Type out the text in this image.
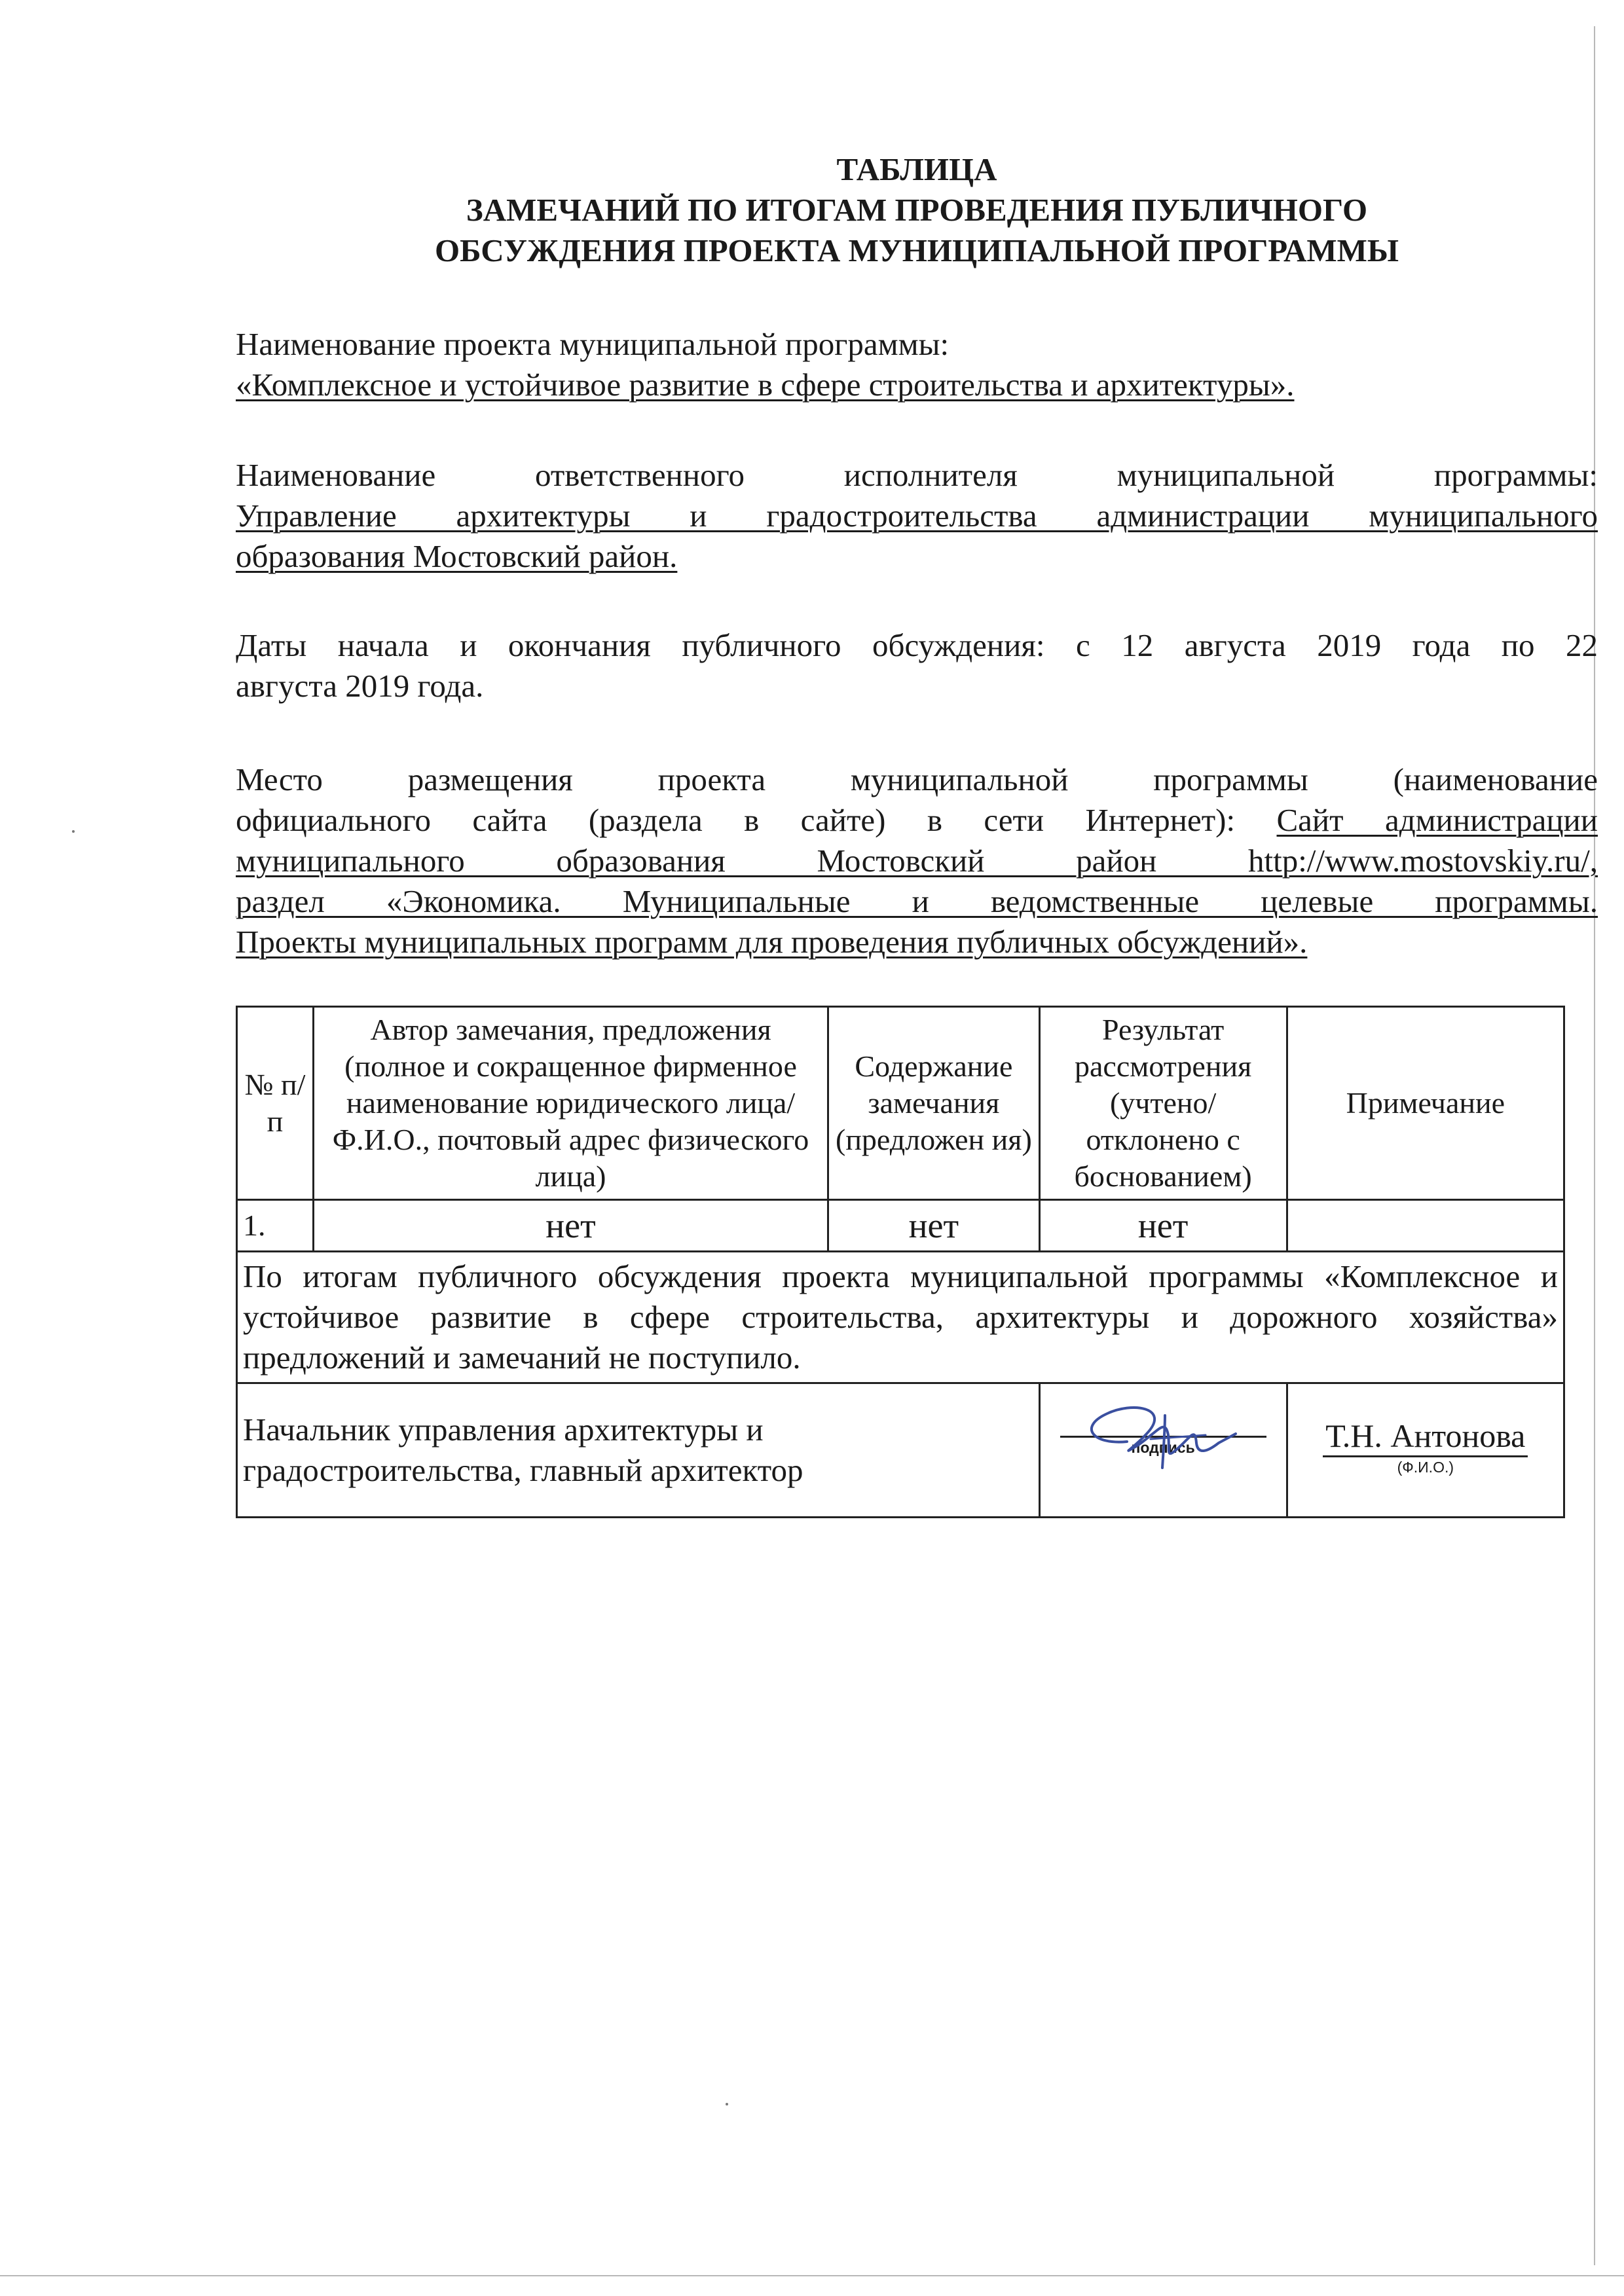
ТАБЛИЦА
ЗАМЕЧАНИЙ ПО ИТОГАМ ПРОВЕДЕНИЯ ПУБЛИЧНОГО
ОБСУЖДЕНИЯ ПРОЕКТА МУНИЦИПАЛЬНОЙ ПРОГРАММЫ
Наименование проекта муниципальной программы:
«Комплексное и устойчивое развитие в сфере строительства и архитектуры».
Наименование ответственного исполнителя муниципальной программы:
Управление архитектуры и градостроительства администрации муниципального
образования Мостовский район.
Даты начала и окончания публичного обсуждения: с 12 августа 2019 года по 22
августа 2019 года.
Место размещения проекта муниципальной программы (наименование
официального сайта (раздела в сайте) в сети Интернет): Сайт администрации
муниципального образования Мостовский район http://www.mostovskiy.ru/,
раздел «Экономика. Муниципальные и ведомственные целевые программы.
Проекты муниципальных программ для проведения публичных обсуждений».
№ п/п	Автор замечания, предложения (полное и сокращенное фирменное наименование юридического лица/ Ф.И.О., почтовый адрес физического лица)	Содержание замечания (предложен ия)	Результат рассмотрения (учтено/ отклонено с боснованием)	Примечание
1.	нет	нет	нет	
По итогам публичного обсуждения проекта муниципальной программы «Комплексное и устойчивое развитие в сфере строительства, архитектуры и дорожного хозяйства» предложений и замечаний не поступило.				

Начальник управления архитектуры и
градостроительства, главный архитектор			подпись	Т.Н. Антонова
(Ф.И.О.)
